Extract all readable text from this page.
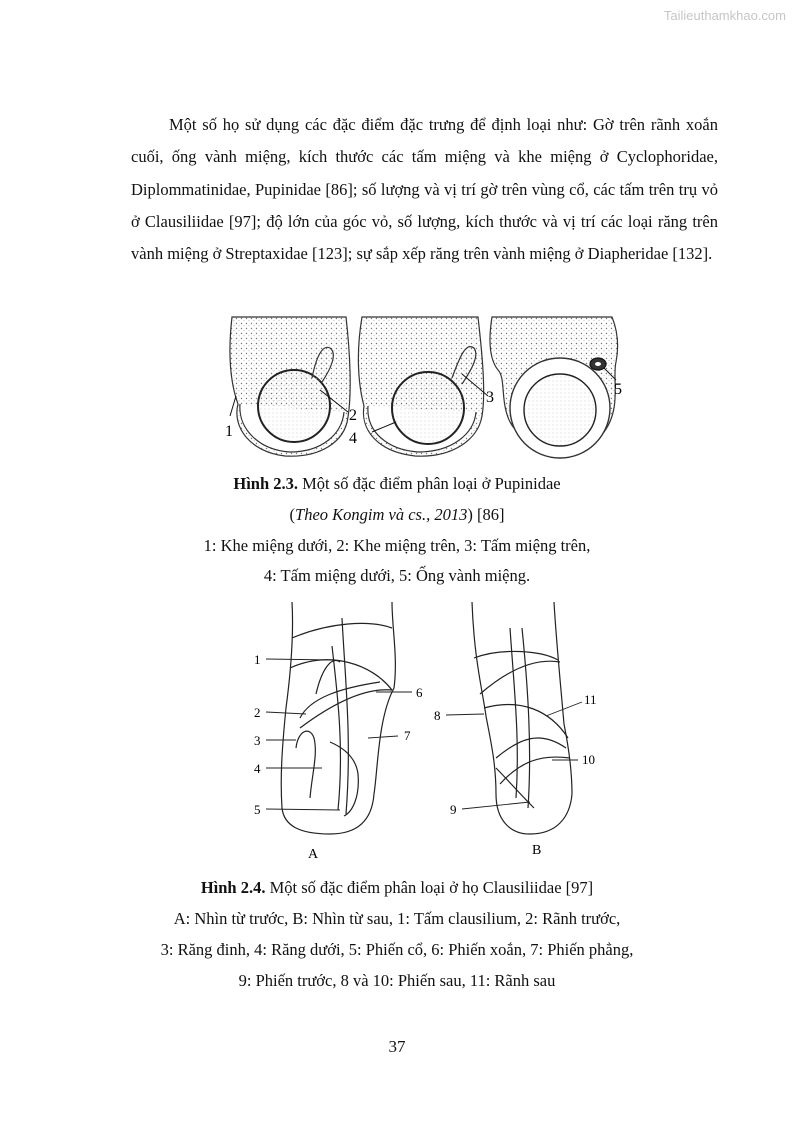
Tailieuthamkhao.com

Một số họ sử dụng các đặc điểm đặc trưng để định loại như: Gờ trên rãnh xoắn cuối, ống vành miệng, kích thước các tấm miệng và khe miệng ở Cyclophoridae, Diplommatinidae, Pupinidae [86]; số lượng và vị trí gờ trên vùng cổ, các tấm trên trụ vỏ ở Clausiliidae [97]; độ lớn của góc vỏ, số lượng, kích thước và vị trí các loại răng trên vành miệng ở Streptaxidae [123]; sự sắp xếp răng trên vành miệng ở Diapheridae [132].

1
2
3
4
5

Hình 2.3. Một số đặc điểm phân loại ở Pupinidae

(Theo Kongim và cs., 2013) [86]

1: Khe miệng dưới, 2: Khe miệng trên, 3: Tấm miệng trên,

4: Tấm miệng dưới, 5: Ống vành miệng.

1
2
3
4
5
6
7
8
9
10
11
A	B

Hình 2.4. Một số đặc điểm phân loại ở họ Clausiliidae [97]

A: Nhìn từ trước, B: Nhìn từ sau, 1: Tấm clausilium, 2: Rãnh trước,

3: Răng đinh, 4: Răng dưới, 5: Phiến cổ, 6: Phiến xoắn, 7: Phiến phẳng,

9: Phiến trước, 8 và 10: Phiến sau, 11: Rãnh sau

37
